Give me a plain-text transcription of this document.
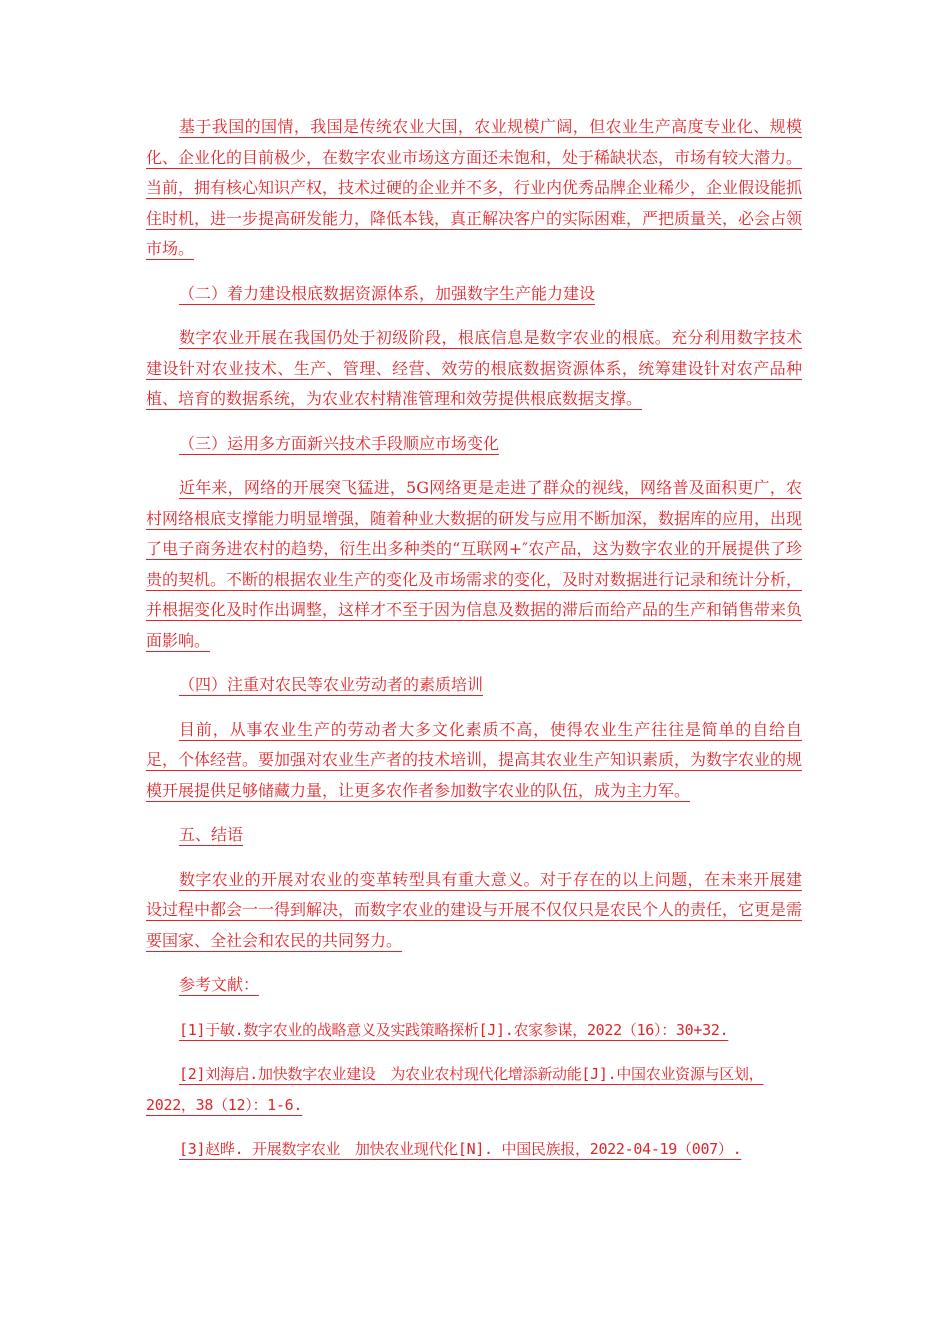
基于我国的国情，我国是传统农业大国，农业规模广阔，但农业生产高度专业化、规模化、企业化的目前极少，在数字农业市场这方面还未饱和，处于稀缺状态，市场有较大潜力。当前，拥有核心知识产权，技术过硬的企业并不多，行业内优秀品牌企业稀少，企业假设能抓住时机，进一步提高研发能力，降低本钱，真正解决客户的实际困难，严把质量关，必会占领市场。

（二）着力建设根底数据资源体系，加强数字生产能力建设

数字农业开展在我国仍处于初级阶段，根底信息是数字农业的根底。充分利用数字技术建设针对农业技术、生产、管理、经营、效劳的根底数据资源体系，统筹建设针对农产品种植、培育的数据系统，为农业农村精准管理和效劳提供根底数据支撑。

（三）运用多方面新兴技术手段顺应市场变化

近年来，网络的开展突飞猛进，5G网络更是走进了群众的视线，网络普及面积更广，农村网络根底支撑能力明显增强，随着种业大数据的研发与应用不断加深，数据库的应用，出现了电子商务进农村的趋势，衍生出多种类的“互联网+″农产品，这为数字农业的开展提供了珍贵的契机。不断的根据农业生产的变化及市场需求的变化，及时对数据进行记录和统计分析，并根据变化及时作出调整，这样才不至于因为信息及数据的滞后而给产品的生产和销售带来负面影响。

（四）注重对农民等农业劳动者的素质培训

目前，从事农业生产的劳动者大多文化素质不高，使得农业生产往往是简单的自给自足，个体经营。要加强对农业生产者的技术培训，提高其农业生产知识素质，为数字农业的规模开展提供足够储藏力量，让更多农作者参加数字农业的队伍，成为主力军。

五、结语

数字农业的开展对农业的变革转型具有重大意义。对于存在的以上问题，在未来开展建设过程中都会一一得到解决，而数字农业的建设与开展不仅仅只是农民个人的责任，它更是需要国家、全社会和农民的共同努力。

参考文献：

[1]于敏.数字农业的战略意义及实践策略探析[J].农家参谋，2022（16）：30+32.

[2]刘海启.加快数字农业建设　为农业农村现代化增添新动能[J].中国农业资源与区划，2022，38（12）：1-6.

[3]赵晔. 开展数字农业　加快农业现代化[N]. 中国民族报，2022-04-19（007）.
